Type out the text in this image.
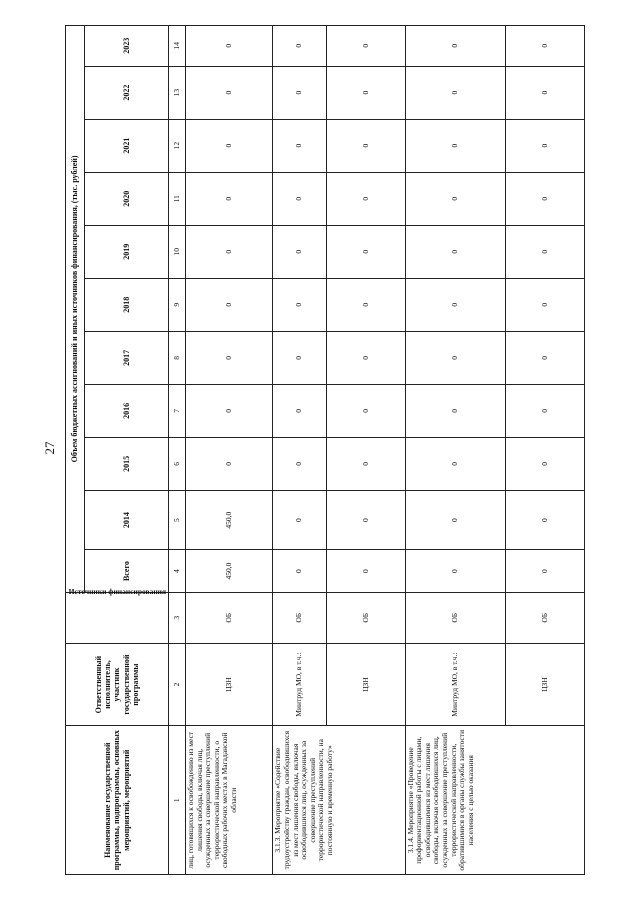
27
Наименование государственной программы, подпрограммы, основных мероприятий, мероприятий	Ответственный исполнитель, участник государственной программы	Источники финансирования	Объем бюджетных ассигнований и иных источников финансирования, (тыс. рублей)										
			Всего	2014	2015	2016	2017	2018	2019	2020	2021	2022	2023
1	2	3	4	5	6	7	8	9	10	11	12	13	14
лиц, готовящихся к освобождению из мест лишения свободы, включая лиц, осужденных за совершение преступлений террористической направленности, о свободных рабочих местах в Магаданской области	ЦЗН	ОБ	450,0	450,0	0	0	0	0	0	0	0	0	0
3.1.3. Мероприятие «Содействие трудоустройству граждан, освободившихся из мест лишения свободы, включая освободившихся лиц, осужденных за совершение преступлений террористической направленности, на постоянную и временную работу»	Минтруд МО, в т.ч.:	ОБ	0	0	0	0	0	0	0	0	0	0	0
	ЦЗН	ОБ	0	0	0	0	0	0	0	0	0	0	0
3.1.4. Мероприятие «Проведение профориентационной работы с лицами, освободившимися из мест лишения свободы, включая освободившихся лиц, осужденных за совершение преступлений террористической направленности, обратившимися в органы службы занятости населения с целью оказания	Минтруд МО, в т.ч.:	ОБ	0	0	0	0	0	0	0	0	0	0	0
	ЦЗН	ОБ	0	0	0	0	0	0	0	0	0	0	0
